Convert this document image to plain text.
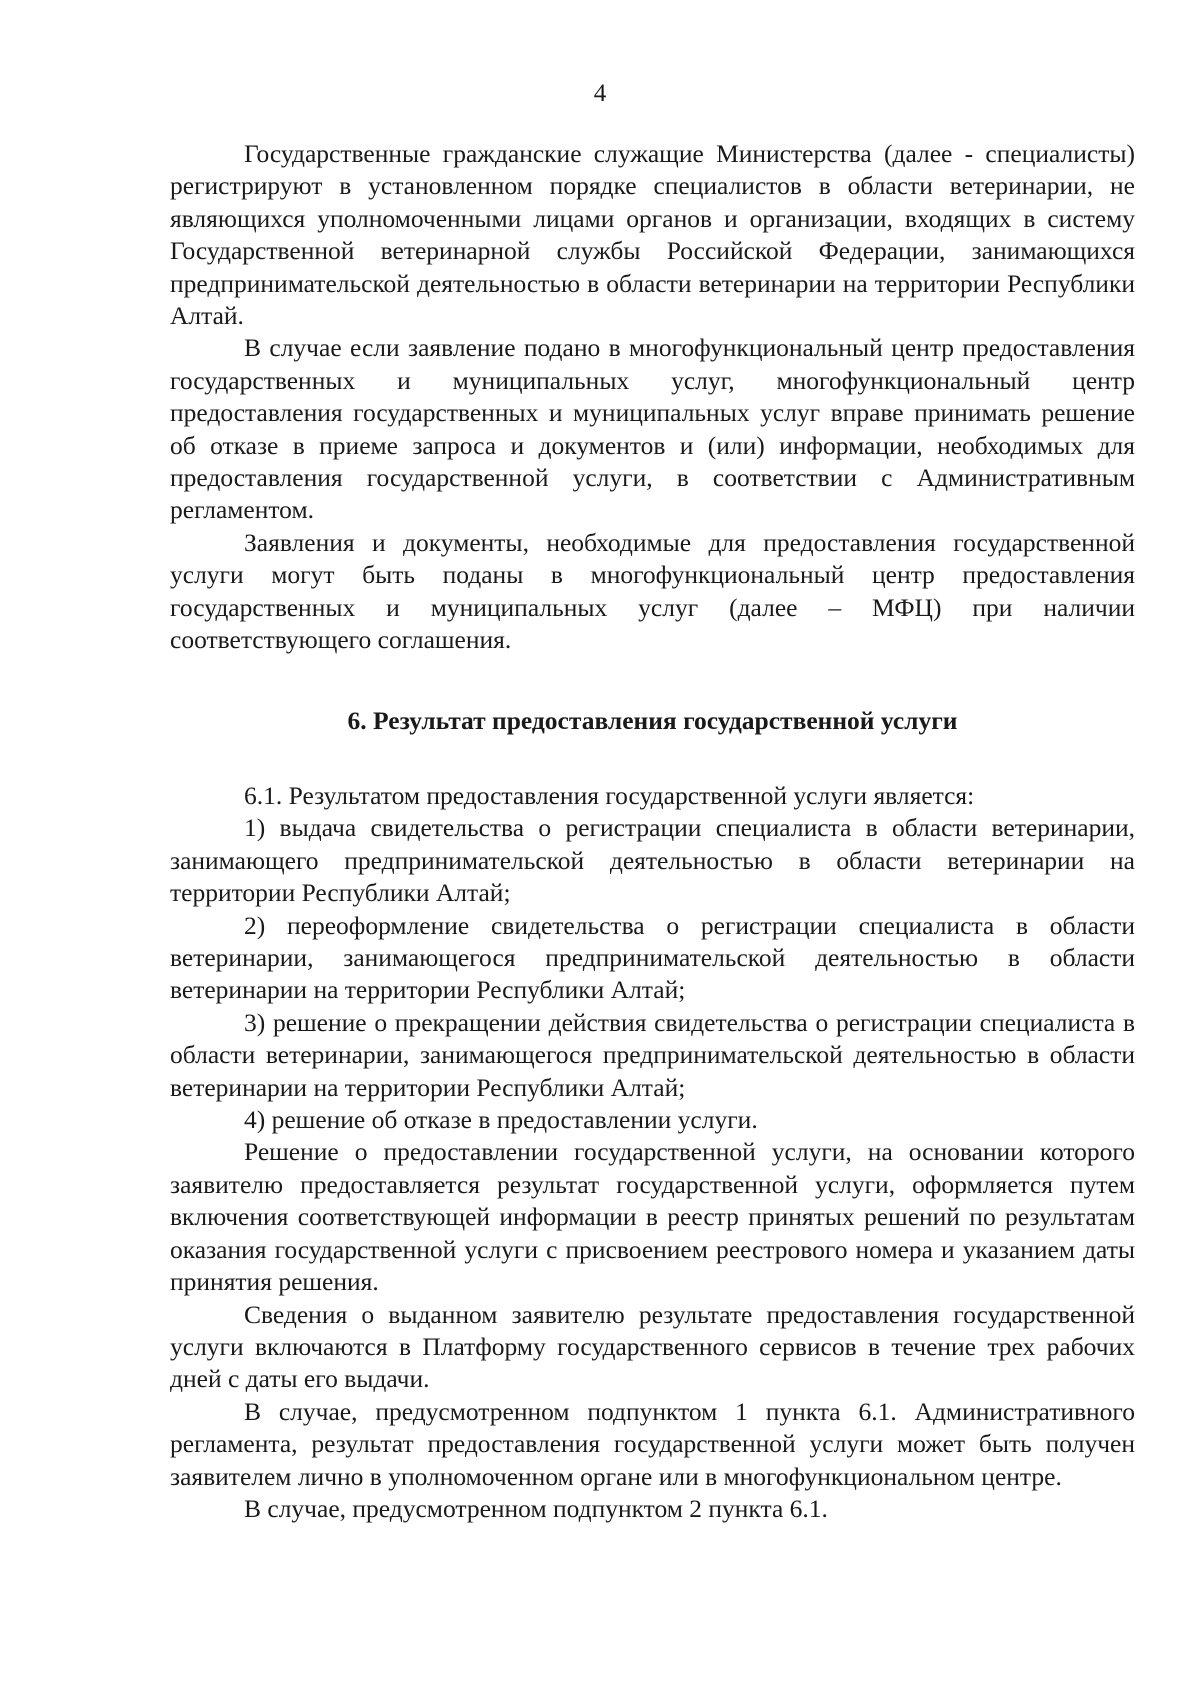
4

Государственные гражданские служащие Министерства (далее - специалисты) регистрируют в установленном порядке специалистов в области ветеринарии, не являющихся уполномоченными лицами органов и организации, входящих в систему Государственной ветеринарной службы Российской Федерации, занимающихся предпринимательской деятельностью в области ветеринарии на территории Республики Алтай.

В случае если заявление подано в многофункциональный центр предоставления государственных и муниципальных услуг, многофункциональный центр предоставления государственных и муниципальных услуг вправе принимать решение об отказе в приеме запроса и документов и (или) информации, необходимых для предоставления государственной услуги, в соответствии с Административным регламентом.

Заявления и документы, необходимые для предоставления государственной услуги могут быть поданы в многофункциональный центр предоставления государственных и муниципальных услуг (далее – МФЦ) при наличии соответствующего соглашения.

6. Результат предоставления государственной услуги

6.1. Результатом предоставления государственной услуги является:

1) выдача свидетельства о регистрации специалиста в области ветеринарии, занимающего предпринимательской деятельностью в области ветеринарии на территории Республики Алтай;

2) переоформление свидетельства о регистрации специалиста в области ветеринарии, занимающегося предпринимательской деятельностью в области ветеринарии на территории Республики Алтай;

3) решение о прекращении действия свидетельства о регистрации специалиста в области ветеринарии, занимающегося предпринимательской деятельностью в области ветеринарии на территории Республики Алтай;

4) решение об отказе в предоставлении услуги.

Решение о предоставлении государственной услуги, на основании которого заявителю предоставляется результат государственной услуги, оформляется путем включения соответствующей информации в реестр принятых решений по результатам оказания государственной услуги с присвоением реестрового номера и указанием даты принятия решения.

Сведения о выданном заявителю результате предоставления государственной услуги включаются в Платформу государственного сервисов в течение трех рабочих дней с даты его выдачи.

В случае, предусмотренном подпунктом 1 пункта 6.1. Административного регламента, результат предоставления государственной услуги может быть получен заявителем лично в уполномоченном органе или в многофункциональном центре.

В случае, предусмотренном подпунктом 2 пункта 6.1.
